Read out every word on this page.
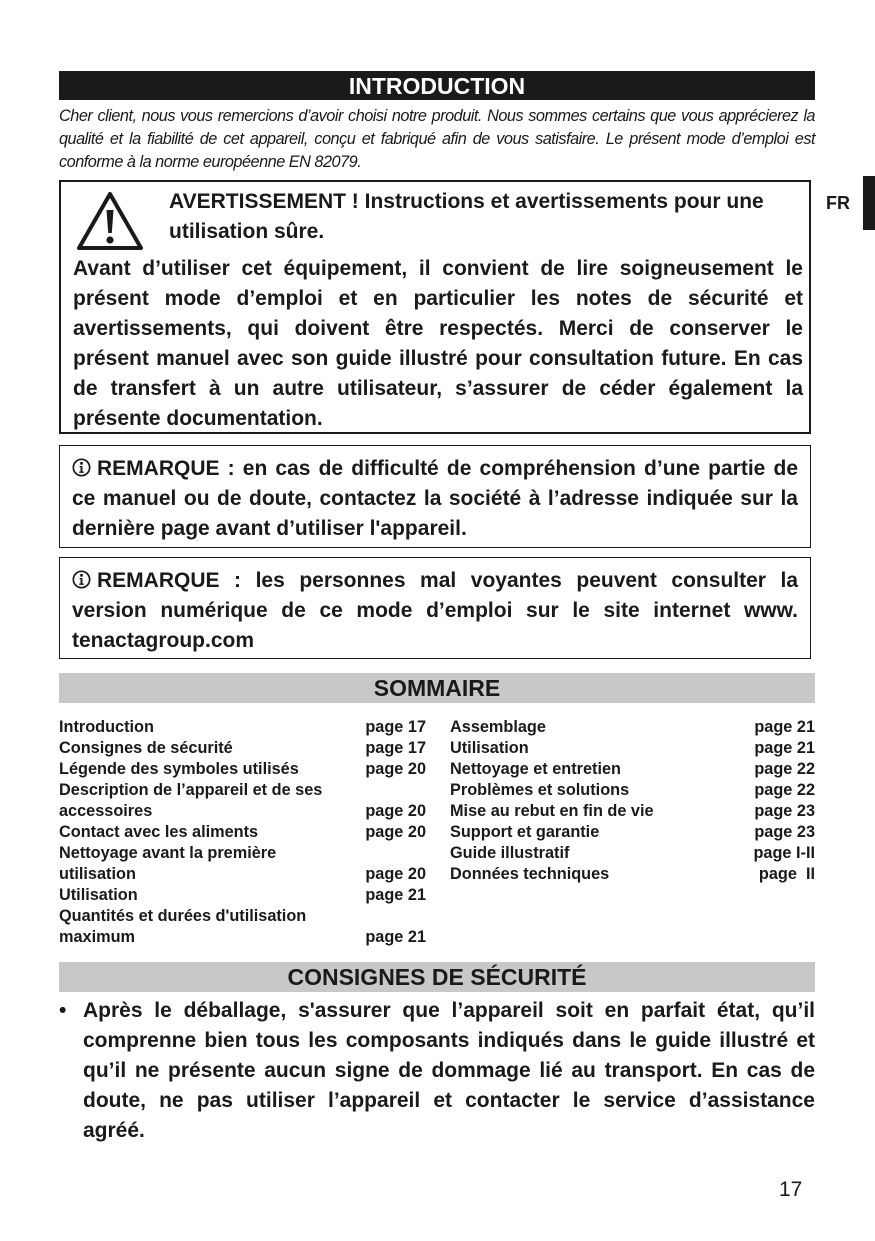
INTRODUCTION
Cher client, nous vous remercions d’avoir choisi notre produit. Nous sommes certains que vous apprécierez la qualité et la fiabilité de cet appareil, conçu et fabriqué afin de vous satisfaire. Le présent mode d’emploi est conforme à la norme européenne EN 82079.
FR
AVERTISSEMENT ! Instructions et avertissements pour une utilisation sûre.
Avant d’utiliser cet équipement, il convient de lire soigneusement le présent mode d’emploi et en particulier les notes de sécurité et avertissements, qui doivent être respectés. Merci de conserver le présent manuel avec son guide illustré pour consultation future. En cas de transfert à un autre utilisateur, s’assurer de céder également la présente documentation.
REMARQUE : en cas de difficulté de compréhension d’une partie de ce manuel ou de doute, contactez la société à l’adresse indiquée sur la dernière page avant d’utiliser l'appareil.
REMARQUE : les personnes mal voyantes peuvent consulter la version numérique de ce mode d’emploi sur le site internet www. tenactagroup.com
SOMMAIRE
Introduction	page 17
Consignes de sécurité	page 17
Légende des symboles utilisés	page 20
Description de l’appareil et de ses
accessoires	page 20
Contact avec les aliments	page 20
Nettoyage avant la première
utilisation	page 20
Utilisation	page 21
Quantités et durées d'utilisation
maximum	page 21
Assemblage	page 21
Utilisation	page 21
Nettoyage et entretien	page 22
Problèmes et solutions	page 22
Mise au rebut en fin de vie	page 23
Support et garantie	page 23
Guide illustratif	page I-II
Données techniques	page  II
CONSIGNES DE SÉCURITÉ
• Après le déballage, s'assurer que l’appareil soit en parfait état, qu’il comprenne bien tous les composants indiqués dans le guide illustré et qu’il ne présente aucun signe de dommage lié au transport. En cas de doute, ne pas utiliser l’appareil et contacter le service d’assistance agréé.
17
